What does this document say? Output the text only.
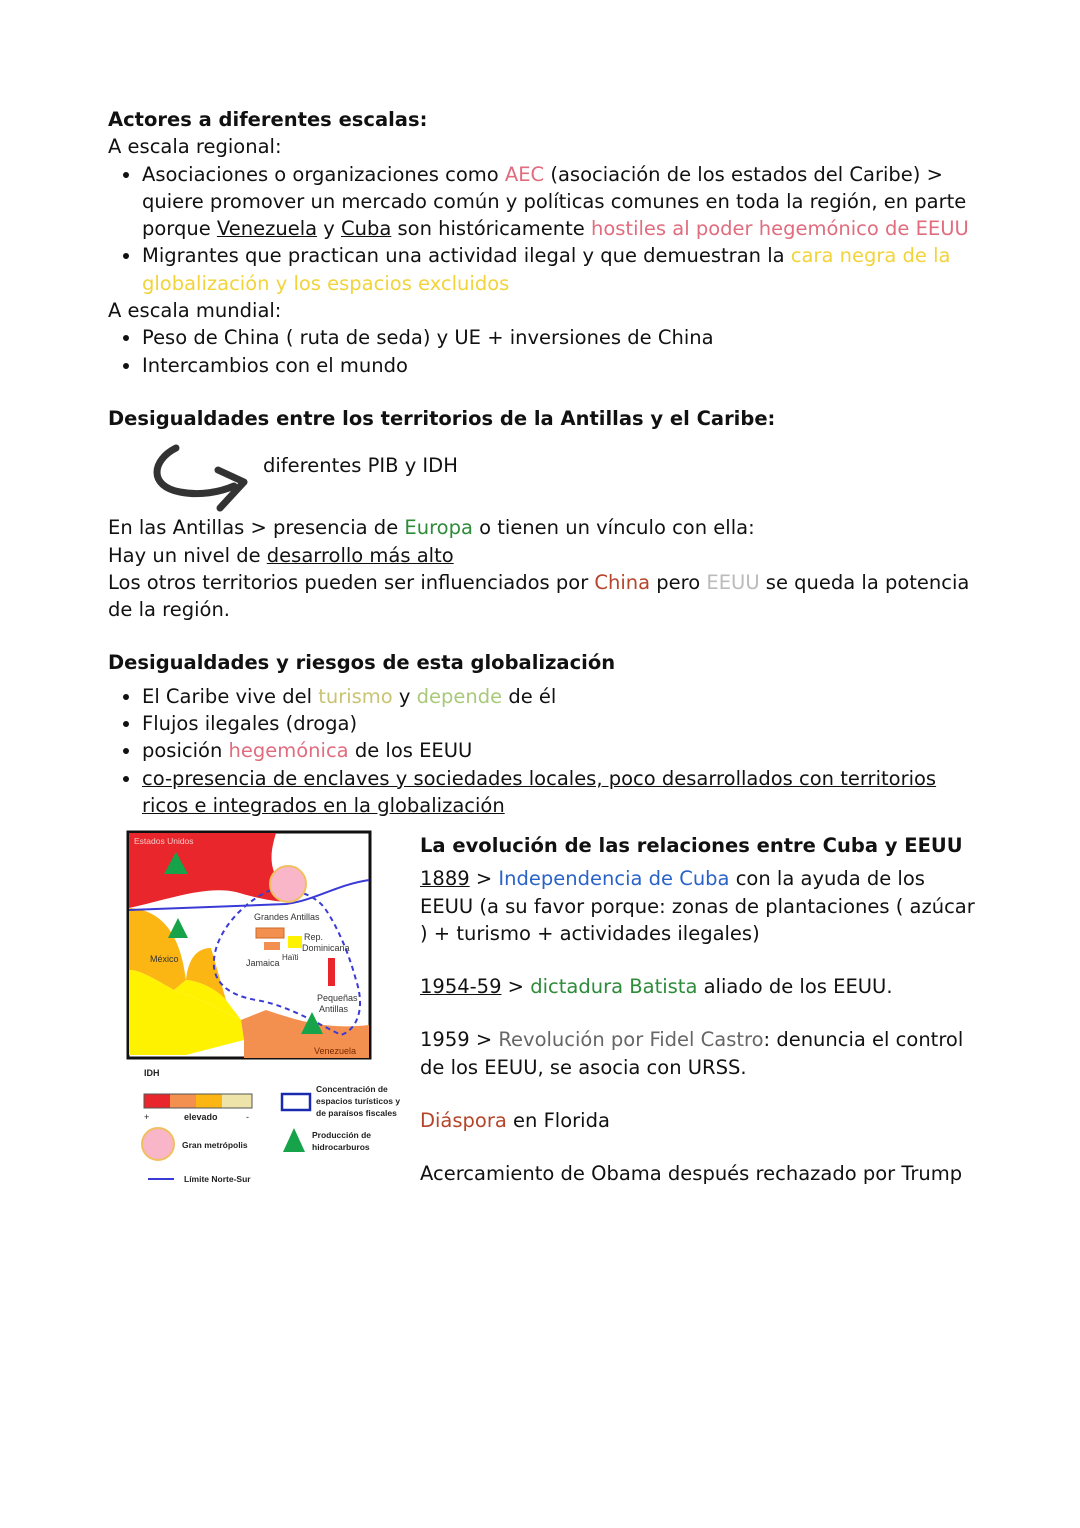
Actores a diferentes escalas:

A escala regional:

• Asociaciones o organizaciones como AEC (asociación de los estados del Caribe) > quiere promover un mercado común y políticas comunes en toda la región, en parte porque Venezuela y Cuba son históricamente hostiles al poder hegemónico de EEUU
• Migrantes que practican una actividad ilegal y que demuestran la cara negra de la globalización y los espacios excluidos

A escala mundial:

• Peso de China ( ruta de seda) y UE + inversiones de China
• Intercambios con el mundo

Desigualdades entre los territorios de la Antillas y el Caribe:

diferentes PIB y IDH

En las Antillas > presencia de Europa o tienen un vínculo con ella:

Hay un nivel de desarrollo más alto

Los otros territorios pueden ser influenciados por China pero EEUU se queda la potencia de la región.

Desigualdades y riesgos de esta globalización

• El Caribe vive del turismo y depende de él
• Flujos ilegales (droga)
• posición hegemónica de los EEUU
• co-presencia de enclaves y sociedades locales, poco desarrollados con territorios ricos e integrados en la globalización
Estados Unidos
Grandes Antillas
Rep.
Dominicana
Haïti
Jamaica
México
Pequeñas
Antillas
Venezuela
IDH
+	elevado	-
Concentración de
espacios turísticos y
de paraísos fiscales
Gran metrópolis
Producción de
hidrocarburos
Límite Norte-Sur

La evolución de las relaciones entre Cuba y EEUU

1889 > Independencia de Cuba con la ayuda de los EEUU (a su favor porque: zonas de plantaciones ( azúcar ) + turismo + actividades ilegales)

1954-59 > dictadura Batista aliado de los EEUU.

1959 > Revolución por Fidel Castro: denuncia el control de los EEUU, se asocia con URSS.

Diáspora en Florida

Acercamiento de Obama después rechazado por Trump
